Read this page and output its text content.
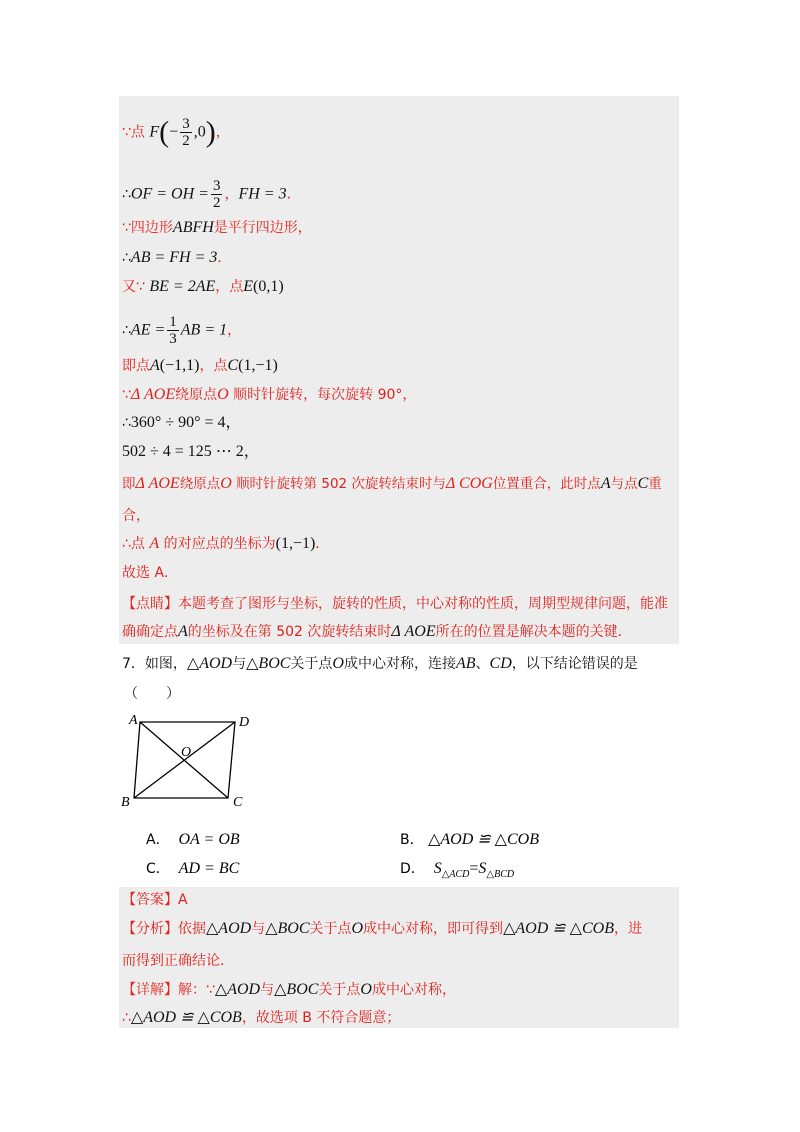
∵点 $F(- \frac{3}{2} ,0)$，
∴OF = OH = $\frac{3}{2}$ ，FH = 3．
∵四边形ABFH是平行四边形，
∴AB = FH = 3．
又∵ BE = 2AE，点E(0,1)
∴AE = $\frac{1}{3}$ AB = 1，
即点A(−1,1)，点C(1,−1)
∵Δ AOE绕原点O 顺时针旋转，每次旋转 90°，
∴360° ÷ 90° = 4，
502 ÷ 4 = 125 ⋯ 2，
即Δ AOE绕原点O 顺时针旋转第 502 次旋转结束时与Δ COG位置重合，此时点A与点C重
合，
∴点 A 的对应点的坐标为(1,−1)．
故选 A．
【点睛】本题考查了图形与坐标，旋转的性质，中心对称的性质，周期型规律问题，能准
确确定点A的坐标及在第 502 次旋转结束时Δ AOE所在的位置是解决本题的关键．
7．如图，△AOD与△BOC关于点O成中心对称，连接AB、CD，以下结论错误的是
（　　）
A	D
O
B	C
A． OA = OB	B． △AOD ≌ △COB
C． AD = BC	D． $S_{\triangle ACD}=S_{\triangle BCD}$
【答案】A
【分析】依据△AOD与△BOC关于点O成中心对称，即可得到△AOD ≌ △COB，进
而得到正确结论．
【详解】解：∵△AOD与△BOC关于点O成中心对称，
∴△AOD ≌ △COB，故选项 B 不符合题意；
